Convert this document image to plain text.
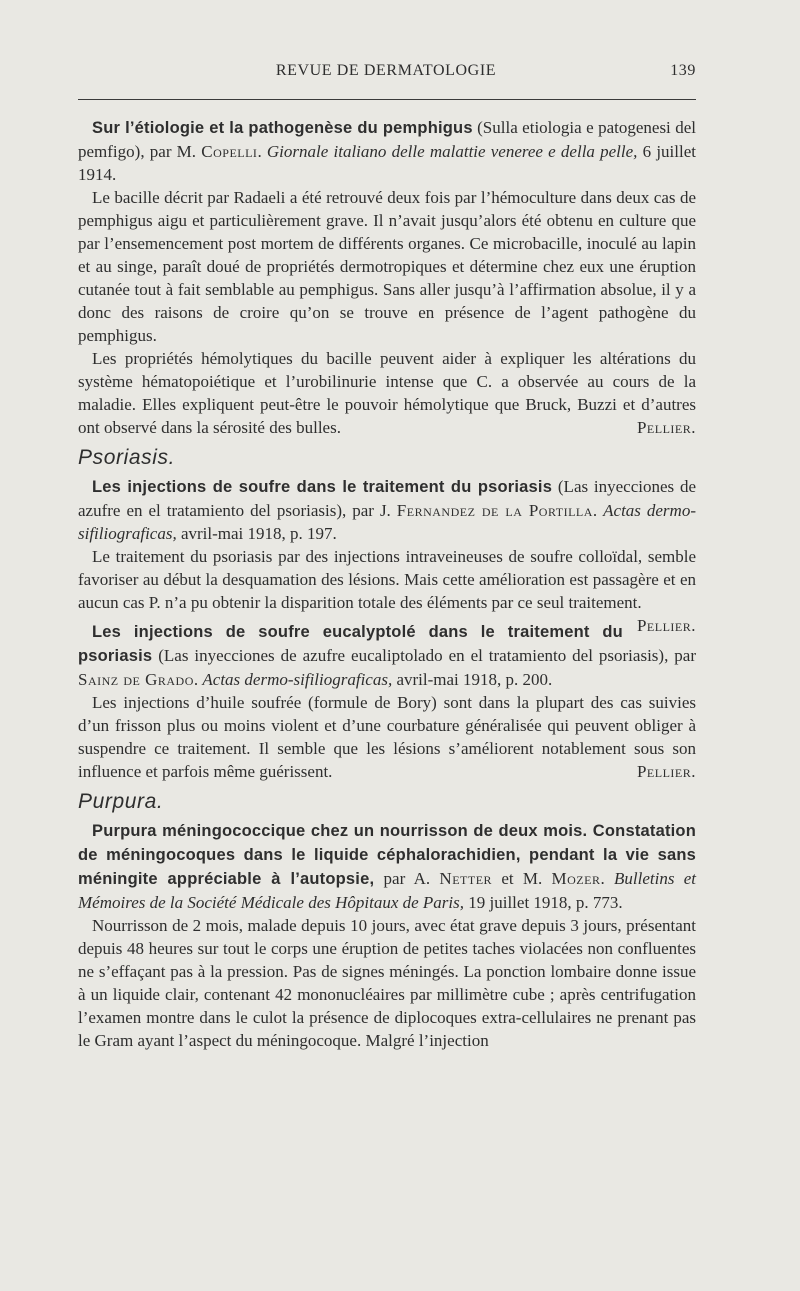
REVUE DE DERMATOLOGIE	139

Sur l’étiologie et la pathogenèse du pemphigus (Sulla etiologia e patogenesi del pemfigo), par M. Copelli. Giornale italiano delle malattie veneree e della pelle, 6 juillet 1914.

Le bacille décrit par Radaeli a été retrouvé deux fois par l’hémoculture dans deux cas de pemphigus aigu et particulièrement grave. Il n’avait jusqu’alors été obtenu en culture que par l’ensemencement post mortem de différents organes. Ce microbacille, inoculé au lapin et au singe, paraît doué de propriétés dermotropiques et détermine chez eux une éruption cutanée tout à fait semblable au pemphigus. Sans aller jusqu’à l’affirmation absolue, il y a donc des raisons de croire qu’on se trouve en présence de l’agent pathogène du pemphigus.

Les propriétés hémolytiques du bacille peuvent aider à expliquer les altérations du système hématopoiétique et l’urobilinurie intense que C. a observée au cours de la maladie. Elles expliquent peut-être le pouvoir hémolytique que Bruck, Buzzi et d’autres ont observé dans la sérosité des bulles.	Pellier.

Psoriasis.

Les injections de soufre dans le traitement du psoriasis (Las inyecciones de azufre en el tratamiento del psoriasis), par J. Fernandez de la Portilla. Actas dermo-sifiliograficas, avril-mai 1918, p. 197.

Le traitement du psoriasis par des injections intraveineuses de soufre colloïdal, semble favoriser au début la desquamation des lésions. Mais cette amélioration est passagère et en aucun cas P. n’a pu obtenir la disparition totale des éléments par ce seul traitement.
Pellier.

Les injections de soufre eucalyptolé dans le traitement du psoriasis (Las inyecciones de azufre eucaliptolado en el tratamiento del psoriasis), par Sainz de Grado. Actas dermo-sifiliograficas, avril-mai 1918, p. 200.

Les injections d’huile soufrée (formule de Bory) sont dans la plupart des cas suivies d’un frisson plus ou moins violent et d’une courbature généralisée qui peuvent obliger à suspendre ce traitement. Il semble que les lésions s’améliorent notablement sous son influence et parfois même guérissent.	Pellier.

Purpura.

Purpura méningococcique chez un nourrisson de deux mois. Constatation de méningocoques dans le liquide céphalorachidien, pendant la vie sans méningite appréciable à l’autopsie, par A. Netter et M. Mozer. Bulletins et Mémoires de la Société Médicale des Hôpitaux de Paris, 19 juillet 1918, p. 773.

Nourrisson de 2 mois, malade depuis 10 jours, avec état grave depuis 3 jours, présentant depuis 48 heures sur tout le corps une éruption de petites taches violacées non confluentes ne s’effaçant pas à la pression. Pas de signes méningés. La ponction lombaire donne issue à un liquide clair, contenant 42 mononucléaires par millimètre cube ; après centrifugation l’examen montre dans le culot la présence de diplocoques extra-cellulaires ne prenant pas le Gram ayant l’aspect du méningocoque. Malgré l’injection
